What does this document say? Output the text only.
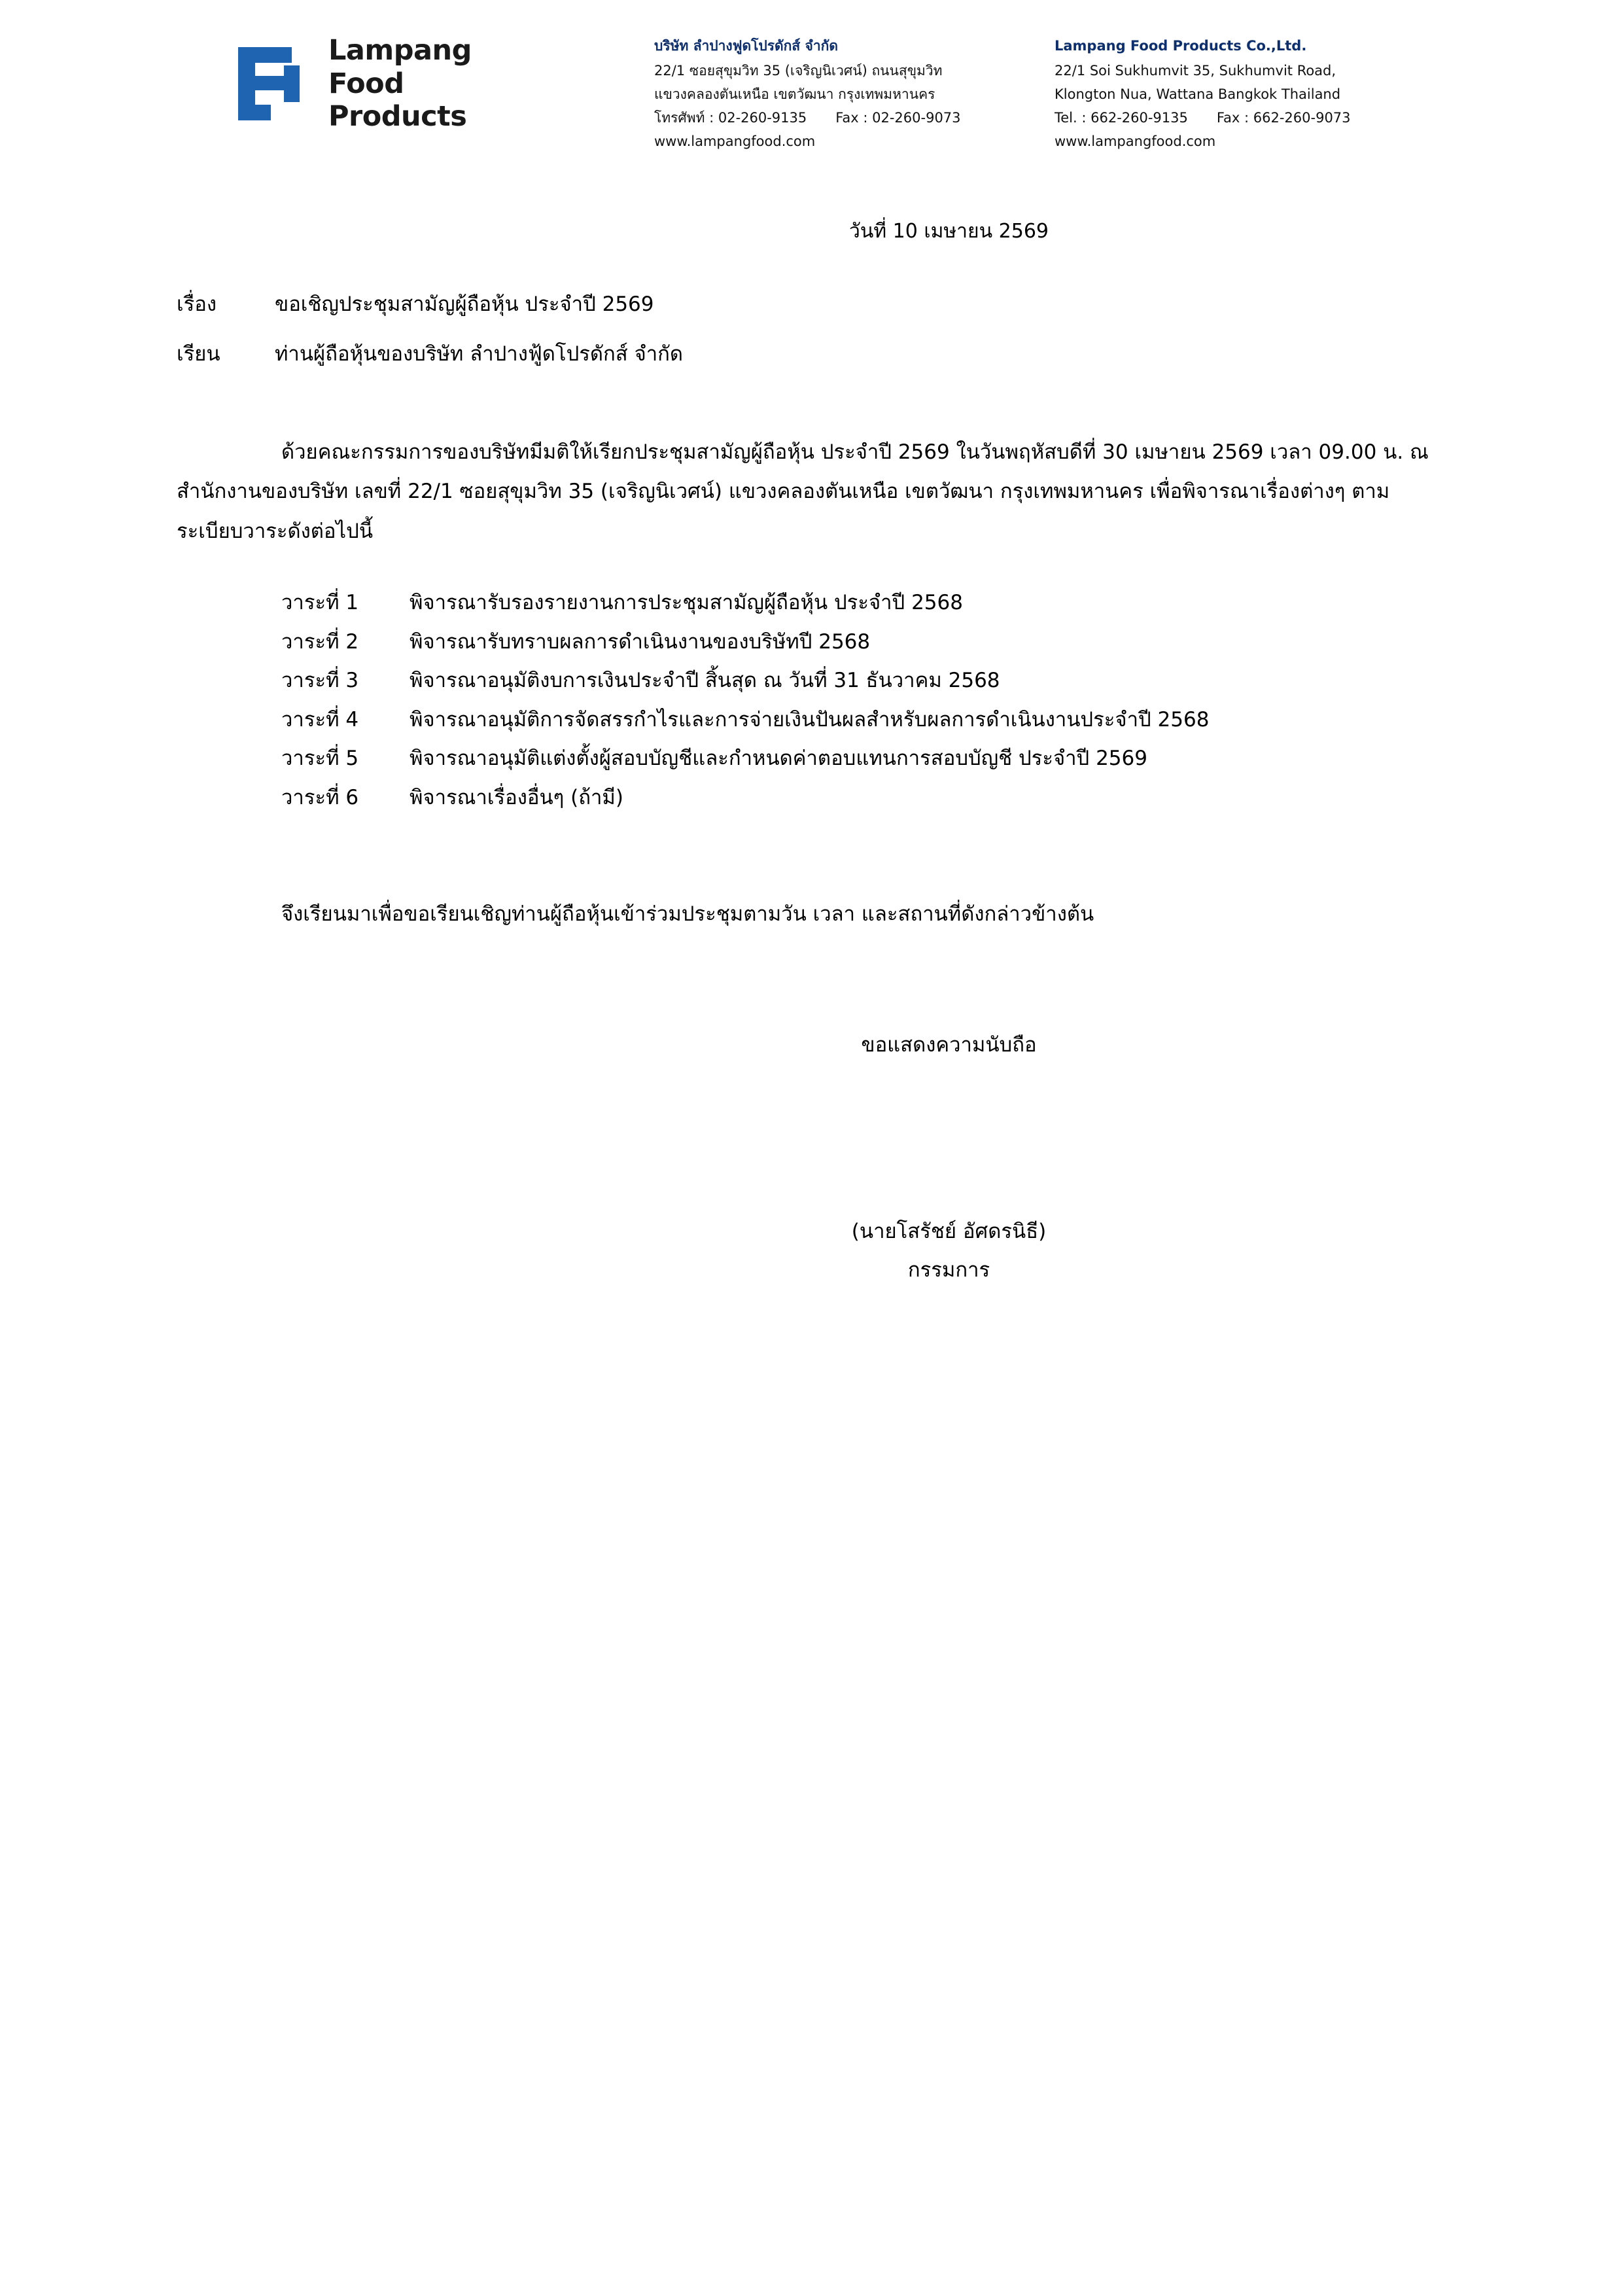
Lampang
Food
Products
บริษัท ลำปางฟูดโปรดักส์ จำกัด
22/1 ซอยสุขุมวิท 35 (เจริญนิเวศน์) ถนนสุขุมวิท
แขวงคลองตันเหนือ เขตวัฒนา กรุงเทพมหานคร
โทรศัพท์ : 02-260-9135 Fax : 02-260-9073
www.lampangfood.com
Lampang Food Products Co.,Ltd.
22/1 Soi Sukhumvit 35, Sukhumvit Road,
Klongton Nua, Wattana Bangkok Thailand
Tel. : 662-260-9135 Fax : 662-260-9073
www.lampangfood.com
วันที่ 10 เมษายน 2569
เรื่อง	ขอเชิญประชุมสามัญผู้ถือหุ้น ประจำปี 2569
เรียน	ท่านผู้ถือหุ้นของบริษัท ลำปางฟู้ดโปรดักส์ จำกัด
ด้วยคณะกรรมการของบริษัทมีมติให้เรียกประชุมสามัญผู้ถือหุ้น ประจำปี 2569 ในวันพฤหัสบดีที่ 30 เมษายน 2569 เวลา 09.00 น. ณ สำนักงานของบริษัท เลขที่ 22/1 ซอยสุขุมวิท 35 (เจริญนิเวศน์) แขวงคลองตันเหนือ เขตวัฒนา กรุงเทพมหานคร เพื่อพิจารณาเรื่องต่างๆ ตามระเบียบวาระดังต่อไปนี้
วาระที่ 1	พิจารณารับรองรายงานการประชุมสามัญผู้ถือหุ้น ประจำปี 2568
วาระที่ 2	พิจารณารับทราบผลการดำเนินงานของบริษัทปี 2568
วาระที่ 3	พิจารณาอนุมัติงบการเงินประจำปี สิ้นสุด ณ วันที่ 31 ธันวาคม 2568
วาระที่ 4	พิจารณาอนุมัติการจัดสรรกำไรและการจ่ายเงินปันผลสำหรับผลการดำเนินงานประจำปี 2568
วาระที่ 5	พิจารณาอนุมัติแต่งตั้งผู้สอบบัญชีและกำหนดค่าตอบแทนการสอบบัญชี ประจำปี 2569
วาระที่ 6	พิจารณาเรื่องอื่นๆ (ถ้ามี)
จึงเรียนมาเพื่อขอเรียนเชิญท่านผู้ถือหุ้นเข้าร่วมประชุมตามวัน เวลา และสถานที่ดังกล่าวข้างต้น
ขอแสดงความนับถือ
(นายโสรัชย์ อัศดรนิธี)
กรรมการ
